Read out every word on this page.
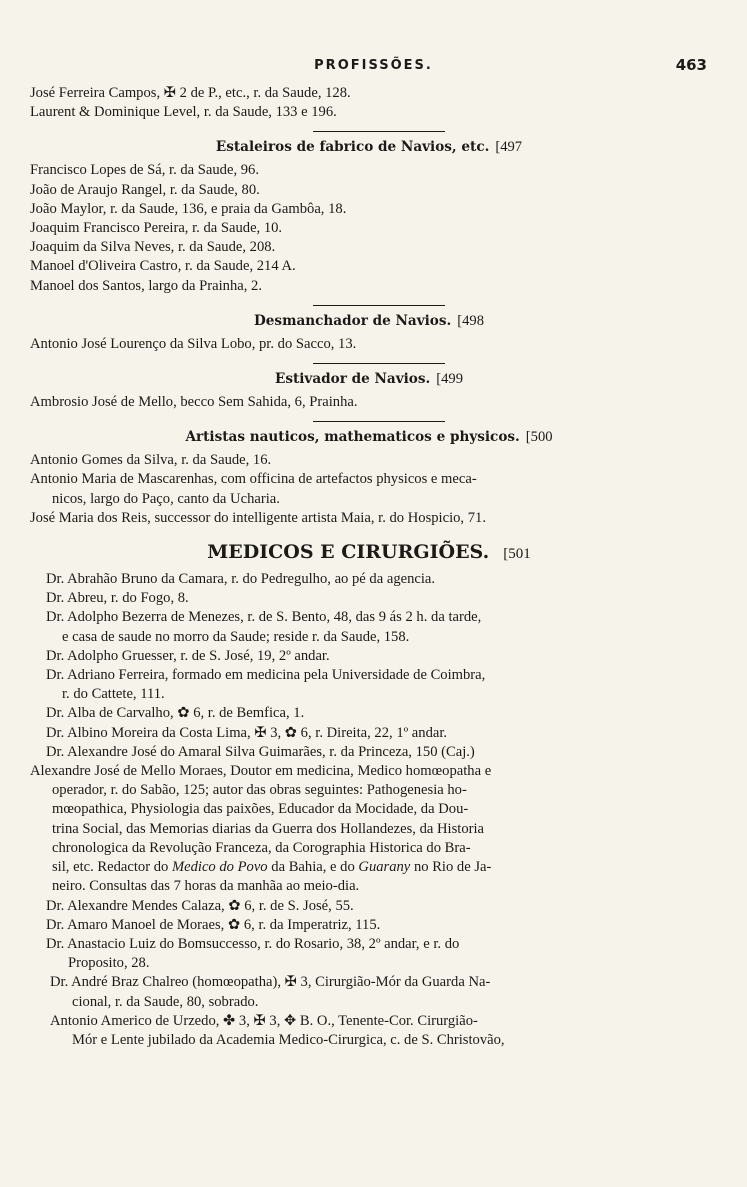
PROFISSÕES.	463
José Ferreira Campos, ✠ 2 de P., etc., r. da Saude, 128.
Laurent & Dominique Level, r. da Saude, 133 e 196.
Estaleiros de fabrico de Navios, etc. [497
Francisco Lopes de Sá, r. da Saude, 96.
João de Araujo Rangel, r. da Saude, 80.
João Maylor, r. da Saude, 136, e praia da Gambôa, 18.
Joaquim Francisco Pereira, r. da Saude, 10.
Joaquim da Silva Neves, r. da Saude, 208.
Manoel d'Oliveira Castro, r. da Saude, 214 A.
Manoel dos Santos, largo da Prainha, 2.
Desmanchador de Navios. [498
Antonio José Lourenço da Silva Lobo, pr. do Sacco, 13.
Estivador de Navios. [499
Ambrosio José de Mello, becco Sem Sahida, 6, Prainha.
Artistas nauticos, mathematicos e physicos. [500
Antonio Gomes da Silva, r. da Saude, 16.
Antonio Maria de Mascarenhas, com officina de artefactos physicos e meca-
nicos, largo do Paço, canto da Ucharia.
José Maria dos Reis, successor do intelligente artista Maia, r. do Hospicio, 71.
MEDICOS E CIRURGIÕES. [501
Dr. Abrahão Bruno da Camara, r. do Pedregulho, ao pé da agencia.
Dr. Abreu, r. do Fogo, 8.
Dr. Adolpho Bezerra de Menezes, r. de S. Bento, 48, das 9 ás 2 h. da tarde,
e casa de saude no morro da Saude; reside r. da Saude, 158.
Dr. Adolpho Gruesser, r. de S. José, 19, 2º andar.
Dr. Adriano Ferreira, formado em medicina pela Universidade de Coimbra,
r. do Cattete, 111.
Dr. Alba de Carvalho, ✿ 6, r. de Bemfica, 1.
Dr. Albino Moreira da Costa Lima, ✠ 3, ✿ 6, r. Direita, 22, 1º andar.
Dr. Alexandre José do Amaral Silva Guimarães, r. da Princeza, 150 (Caj.)
Alexandre José de Mello Moraes, Doutor em medicina, Medico homœopatha e
operador, r. do Sabão, 125; autor das obras seguintes: Pathogenesia ho-
mœopathica, Physiologia das paixões, Educador da Mocidade, da Dou-
trina Social, das Memorias diarias da Guerra dos Hollandezes, da Historia
chronologica da Revolução Franceza, da Corographia Historica do Bra-
sil, etc. Redactor do Medico do Povo da Bahia, e do Guarany no Rio de Ja-
neiro. Consultas das 7 horas da manhãa ao meio-dia.
Dr. Alexandre Mendes Calaza, ✿ 6, r. de S. José, 55.
Dr. Amaro Manoel de Moraes, ✿ 6, r. da Imperatriz, 115.
Dr. Anastacio Luiz do Bomsuccesso, r. do Rosario, 38, 2º andar, e r. do
Proposito, 28.
Dr. André Braz Chalreo (homœopatha), ✠ 3, Cirurgião-Mór da Guarda Na-
cional, r. da Saude, 80, sobrado.
Antonio Americo de Urzedo, ✤ 3, ✠ 3, ✥ B. O., Tenente-Cor. Cirurgião-
Mór e Lente jubilado da Academia Medico-Cirurgica, c. de S. Christovão,
